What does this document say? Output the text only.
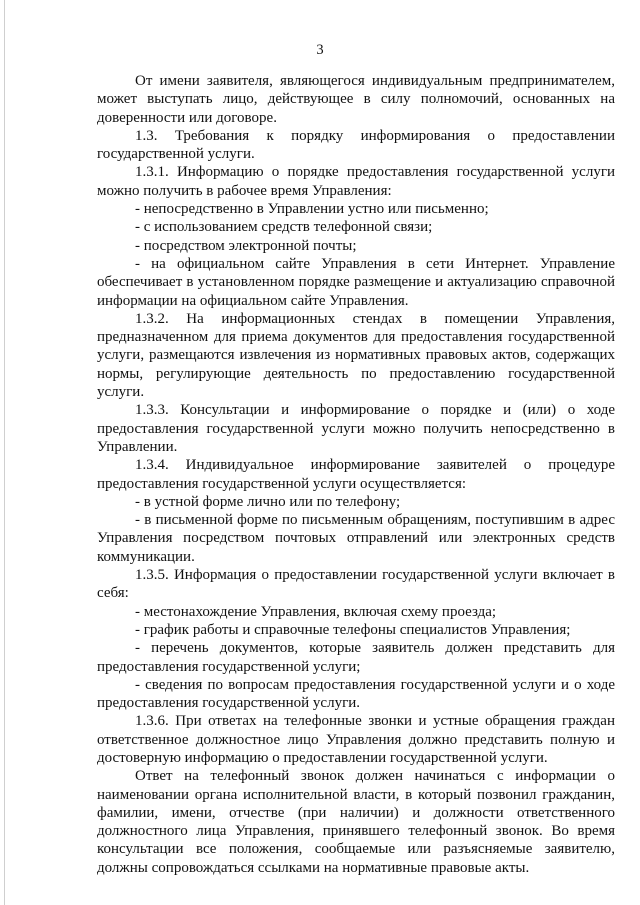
3

От имени заявителя, являющегося индивидуальным предпринимателем, может выступать лицо, действующее в силу полномочий, основанных на доверенности или договоре.

1.3. Требования к порядку информирования о предоставлении государственной услуги.

1.3.1. Информацию о порядке предоставления государственной услуги можно получить в рабочее время Управления:

- непосредственно в Управлении устно или письменно;

- с использованием средств телефонной связи;

- посредством электронной почты;

- на официальном сайте Управления в сети Интернет. Управление обеспечивает в установленном порядке размещение и актуализацию справочной информации на официальном сайте Управления.

1.3.2. На информационных стендах в помещении Управления, предназначенном для приема документов для предоставления государственной услуги, размещаются извлечения из нормативных правовых актов, содержащих нормы, регулирующие деятельность по предоставлению государственной услуги.

1.3.3. Консультации и информирование о порядке и (или) о ходе предоставления государственной услуги можно получить непосредственно в Управлении.

1.3.4. Индивидуальное информирование заявителей о процедуре предоставления государственной услуги осуществляется:

- в устной форме лично или по телефону;

- в письменной форме по письменным обращениям, поступившим в адрес Управления посредством почтовых отправлений или электронных средств коммуникации.

1.3.5. Информация о предоставлении государственной услуги включает в себя:

- местонахождение Управления, включая схему проезда;

- график работы и справочные телефоны специалистов Управления;

- перечень документов, которые заявитель должен представить для предоставления государственной услуги;

- сведения по вопросам предоставления государственной услуги и о ходе предоставления государственной услуги.

1.3.6. При ответах на телефонные звонки и устные обращения граждан ответственное должностное лицо Управления должно представить полную и достоверную информацию о предоставлении государственной услуги.

Ответ на телефонный звонок должен начинаться с информации о наименовании органа исполнительной власти, в который позвонил гражданин, фамилии, имени, отчестве (при наличии) и должности ответственного должностного лица Управления, принявшего телефонный звонок. Во время консультации все положения, сообщаемые или разъясняемые заявителю, должны сопровождаться ссылками на нормативные правовые акты.
